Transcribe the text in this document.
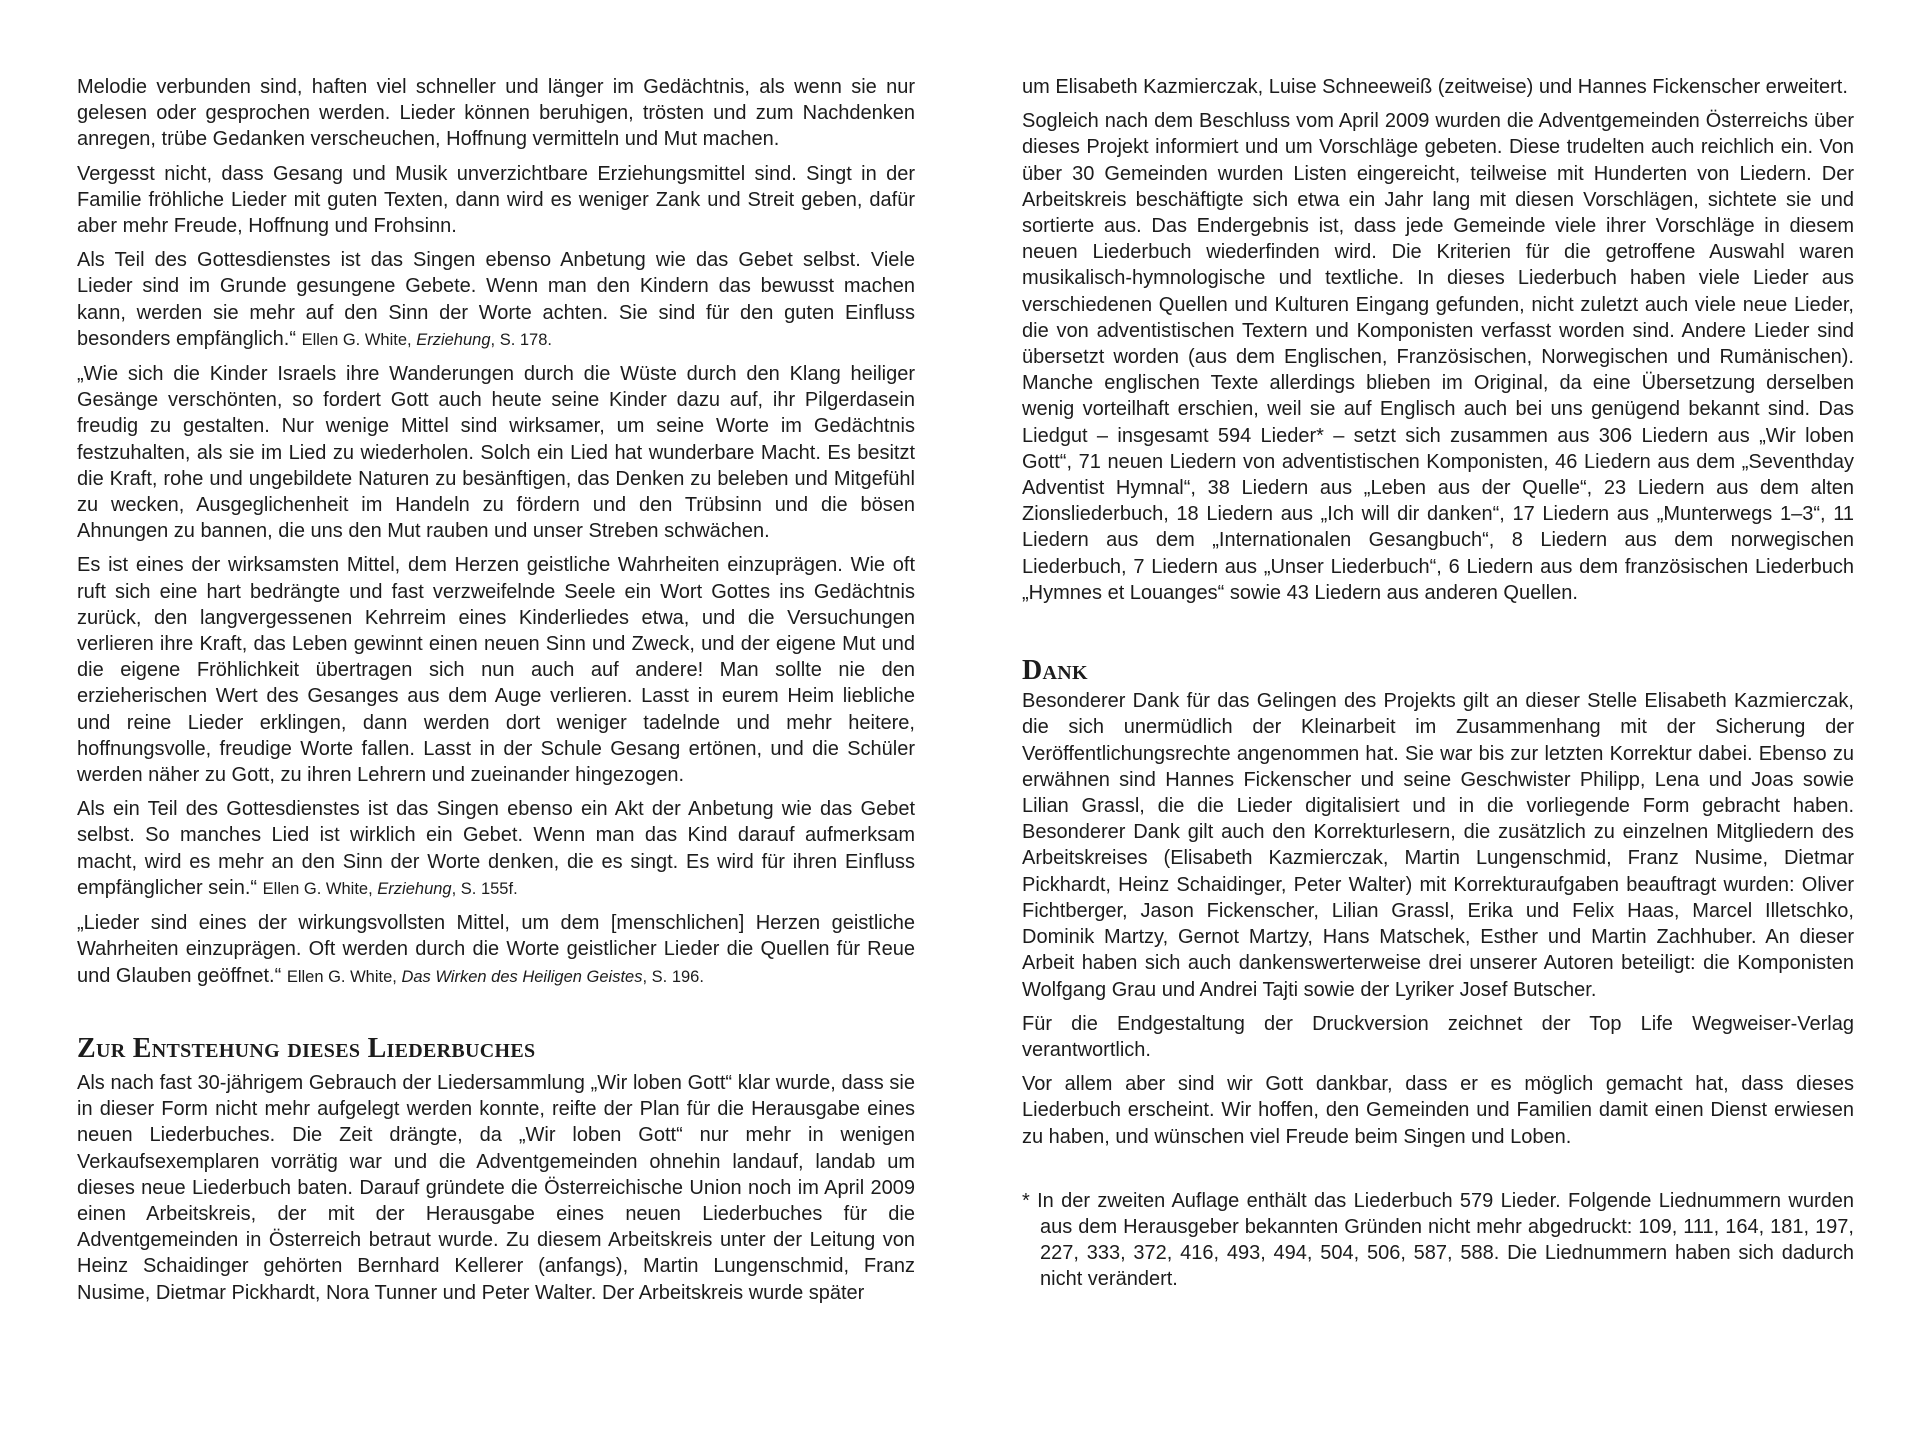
Melodie verbunden sind, haften viel schneller und länger im Gedächtnis, als wenn sie nur gelesen oder gesprochen werden. Lieder können beruhigen, trösten und zum Nachdenken anregen, trübe Gedanken verscheuchen, Hoffnung vermitteln und Mut machen.

Vergesst nicht, dass Gesang und Musik unverzichtbare Erziehungsmittel sind. Singt in der Familie fröhliche Lieder mit guten Texten, dann wird es weniger Zank und Streit geben, dafür aber mehr Freude, Hoffnung und Frohsinn.

Als Teil des Gottesdienstes ist das Singen ebenso Anbetung wie das Gebet selbst. Viele Lieder sind im Grunde gesungene Gebete. Wenn man den Kindern das bewusst machen kann, werden sie mehr auf den Sinn der Worte achten. Sie sind für den guten Einfluss besonders empfänglich.“ Ellen G. White, Erziehung, S. 178.

„Wie sich die Kinder Israels ihre Wanderungen durch die Wüste durch den Klang heiliger Gesänge verschönten, so fordert Gott auch heute seine Kinder dazu auf, ihr Pilgerdasein freudig zu gestalten. Nur wenige Mittel sind wirksamer, um seine Worte im Gedächtnis festzuhalten, als sie im Lied zu wiederholen. Solch ein Lied hat wunderbare Macht. Es besitzt die Kraft, rohe und ungebildete Naturen zu besänftigen, das Denken zu beleben und Mitgefühl zu wecken, Ausgeglichenheit im Handeln zu fördern und den Trübsinn und die bösen Ahnungen zu bannen, die uns den Mut rauben und unser Streben schwächen.

Es ist eines der wirksamsten Mittel, dem Herzen geistliche Wahrheiten einzuprägen. Wie oft ruft sich eine hart bedrängte und fast verzweifelnde Seele ein Wort Gottes ins Gedächtnis zurück, den langvergessenen Kehrreim eines Kinderliedes etwa, und die Versuchungen verlieren ihre Kraft, das Leben gewinnt einen neuen Sinn und Zweck, und der eigene Mut und die eigene Fröhlichkeit übertragen sich nun auch auf andere! Man sollte nie den erzieherischen Wert des Gesanges aus dem Auge verlieren. Lasst in eurem Heim liebliche und reine Lieder erklingen, dann werden dort weniger tadelnde und mehr heitere, hoffnungsvolle, freudige Worte fallen. Lasst in der Schule Gesang ertönen, und die Schüler werden näher zu Gott, zu ihren Lehrern und zueinander hingezogen.

Als ein Teil des Gottesdienstes ist das Singen ebenso ein Akt der Anbetung wie das Gebet selbst. So manches Lied ist wirklich ein Gebet. Wenn man das Kind darauf aufmerksam macht, wird es mehr an den Sinn der Worte denken, die es singt. Es wird für ihren Einfluss empfänglicher sein.“ Ellen G. White, Erziehung, S. 155f.

„Lieder sind eines der wirkungsvollsten Mittel, um dem [menschlichen] Herzen geistliche Wahrheiten einzuprägen. Oft werden durch die Worte geistlicher Lieder die Quellen für Reue und Glauben geöffnet.“ Ellen G. White, Das Wirken des Heiligen Geistes, S. 196.

Zur Entstehung dieses Liederbuches

Als nach fast 30-jährigem Gebrauch der Liedersammlung „Wir loben Gott“ klar wurde, dass sie in dieser Form nicht mehr aufgelegt werden konnte, reifte der Plan für die Herausgabe eines neuen Liederbuches. Die Zeit drängte, da „Wir loben Gott“ nur mehr in wenigen Verkaufsexemplaren vorrätig war und die Adventgemeinden ohnehin landauf, landab um dieses neue Liederbuch baten. Darauf gründete die Österreichische Union noch im April 2009 einen Arbeitskreis, der mit der Herausgabe eines neuen Liederbuches für die Adventgemeinden in Österreich betraut wurde. Zu diesem Arbeitskreis unter der Leitung von Heinz Schaidinger gehörten Bernhard Kellerer (anfangs), Martin Lungenschmid, Franz Nusime, Dietmar Pickhardt, Nora Tunner und Peter Walter. Der Arbeitskreis wurde später

um Elisabeth Kazmierczak, Luise Schneeweiß (zeitweise) und Hannes Fickenscher erweitert.

Sogleich nach dem Beschluss vom April 2009 wurden die Adventgemeinden Österreichs über dieses Projekt informiert und um Vorschläge gebeten. Diese trudelten auch reichlich ein. Von über 30 Gemeinden wurden Listen eingereicht, teilweise mit Hunderten von Liedern. Der Arbeitskreis beschäftigte sich etwa ein Jahr lang mit diesen Vorschlägen, sichtete sie und sortierte aus. Das Endergebnis ist, dass jede Gemeinde viele ihrer Vorschläge in diesem neuen Liederbuch wiederfinden wird. Die Kriterien für die getroffene Auswahl waren musikalisch-hymnologische und textliche. In dieses Liederbuch haben viele Lieder aus verschiedenen Quellen und Kulturen Eingang gefunden, nicht zuletzt auch viele neue Lieder, die von adventistischen Textern und Komponisten verfasst worden sind. Andere Lieder sind übersetzt worden (aus dem Englischen, Französischen, Norwegischen und Rumänischen). Manche englischen Texte allerdings blieben im Original, da eine Übersetzung derselben wenig vorteilhaft erschien, weil sie auf Englisch auch bei uns genügend bekannt sind. Das Liedgut – insgesamt 594 Lieder* – setzt sich zusammen aus 306 Liedern aus „Wir loben Gott“, 71 neuen Liedern von adventistischen Komponisten, 46 Liedern aus dem „Seventhday Adventist Hymnal“, 38 Liedern aus „Leben aus der Quelle“, 23 Liedern aus dem alten Zionsliederbuch, 18 Liedern aus „Ich will dir danken“, 17 Liedern aus „Munterwegs 1–3“, 11 Liedern aus dem „Internationalen Gesangbuch“, 8 Liedern aus dem norwegischen Liederbuch, 7 Liedern aus „Unser Liederbuch“, 6 Liedern aus dem französischen Liederbuch „Hymnes et Louanges“ sowie 43 Liedern aus anderen Quellen.

Dank

Besonderer Dank für das Gelingen des Projekts gilt an dieser Stelle Elisabeth Kazmierczak, die sich unermüdlich der Kleinarbeit im Zusammenhang mit der Sicherung der Veröffentlichungsrechte angenommen hat. Sie war bis zur letzten Korrektur dabei. Ebenso zu erwähnen sind Hannes Fickenscher und seine Geschwister Philipp, Lena und Joas sowie Lilian Grassl, die die Lieder digitalisiert und in die vorliegende Form gebracht haben. Besonderer Dank gilt auch den Korrekturlesern, die zusätzlich zu einzelnen Mitgliedern des Arbeitskreises (Elisabeth Kazmierczak, Martin Lungenschmid, Franz Nusime, Dietmar Pickhardt, Heinz Schaidinger, Peter Walter) mit Korrekturaufgaben beauftragt wurden: Oliver Fichtberger, Jason Fickenscher, Lilian Grassl, Erika und Felix Haas, Marcel Illetschko, Dominik Martzy, Gernot Martzy, Hans Matschek, Esther und Martin Zachhuber. An dieser Arbeit haben sich auch dankenswerterweise drei unserer Autoren beteiligt: die Komponisten Wolfgang Grau und Andrei Tajti sowie der Lyriker Josef Butscher.

Für die Endgestaltung der Druckversion zeichnet der Top Life Wegweiser-Verlag verantwortlich.

Vor allem aber sind wir Gott dankbar, dass er es möglich gemacht hat, dass dieses Liederbuch erscheint. Wir hoffen, den Gemeinden und Familien damit einen Dienst erwiesen zu haben, und wünschen viel Freude beim Singen und Loben.

* In der zweiten Auflage enthält das Liederbuch 579 Lieder. Folgende Liednummern wurden aus dem Herausgeber bekannten Gründen nicht mehr abgedruckt: 109, 111, 164, 181, 197, 227, 333, 372, 416, 493, 494, 504, 506, 587, 588. Die Liednummern haben sich dadurch nicht verändert.
